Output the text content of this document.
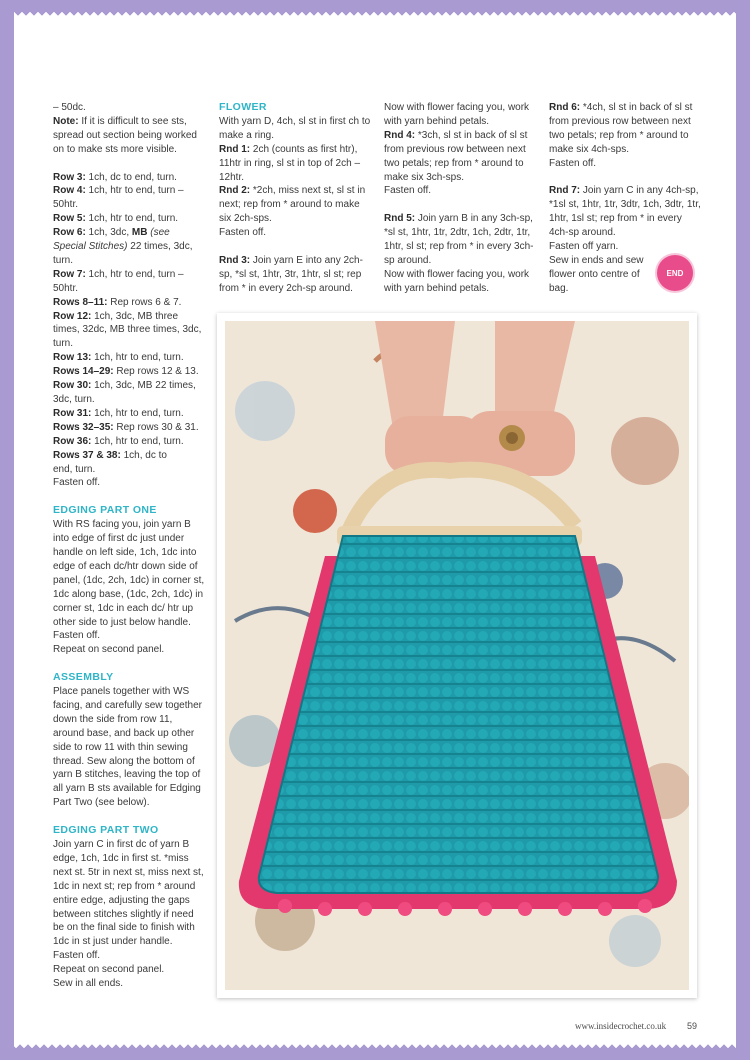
– 50dc.

Note: If it is difficult to see sts, spread out section being worked on to make sts more visible.

Row 3: 1ch, dc to end, turn.

Row 4: 1ch, htr to end, turn – 50htr.

Row 5: 1ch, htr to end, turn.

Row 6: 1ch, 3dc, MB (see Special Stitches) 22 times, 3dc, turn.

Row 7: 1ch, htr to end, turn – 50htr.

Rows 8–11: Rep rows 6 & 7.

Row 12: 1ch, 3dc, MB three times, 32dc, MB three times, 3dc, turn.

Row 13: 1ch, htr to end, turn.

Rows 14–29: Rep rows 12 & 13.

Row 30: 1ch, 3dc, MB 22 times, 3dc, turn.

Row 31: 1ch, htr to end, turn.

Rows 32–35: Rep rows 30 & 31.

Row 36: 1ch, htr to end, turn.

Rows 37 & 38: 1ch, dc to end, turn.

Fasten off.

EDGING PART ONE

With RS facing you, join yarn B into edge of first dc just under handle on left side, 1ch, 1dc into edge of each dc/htr down side of panel, (1dc, 2ch, 1dc) in corner st, 1dc along base, (1dc, 2ch, 1dc) in corner st, 1dc in each dc/ htr up other side to just below handle.

Fasten off.

Repeat on second panel.

ASSEMBLY

Place panels together with WS facing, and carefully sew together down the side from row 11, around base, and back up other side to row 11 with thin sewing thread. Sew along the bottom of yarn B stitches, leaving the top of all yarn B sts available for Edging Part Two (see below).

EDGING PART TWO

Join yarn C in first dc of yarn B edge, 1ch, 1dc in first st. *miss next st. 5tr in next st, miss next st, 1dc in next st; rep from * around entire edge, adjusting the gaps between stitches slightly if need be on the final side to finish with 1dc in st just under handle.

Fasten off.

Repeat on second panel.

Sew in all ends.

FLOWER

With yarn D, 4ch, sl st in first ch to make a ring.

Rnd 1: 2ch (counts as first htr), 11htr in ring, sl st in top of 2ch – 12htr.

Rnd 2: *2ch, miss next st, sl st in next; rep from * around to make six 2ch-sps.

Fasten off.

Rnd 3: Join yarn E into any 2ch-sp, *sl st, 1htr, 3tr, 1htr, sl st; rep from * in every 2ch-sp around.

Now with flower facing you, work with yarn behind petals.

Rnd 4: *3ch, sl st in back of sl st from previous row between next two petals; rep from * around to make six 3ch-sps.

Fasten off.

Rnd 5: Join yarn B in any 3ch-sp, *sl st, 1htr, 1tr, 2dtr, 1ch, 2dtr, 1tr, 1htr, sl st; rep from * in every 3ch-sp around.

Now with flower facing you, work with yarn behind petals.

Rnd 6: *4ch, sl st in back of sl st from previous row between next two petals; rep from * around to make six 4ch-sps.

Fasten off.

Rnd 7: Join yarn C in any 4ch-sp, *1sl st, 1htr, 1tr, 3dtr, 1ch, 3dtr, 1tr, 1htr, 1sl st; rep from * in every 4ch-sp around.

Fasten off yarn.

Sew in ends and sew flower onto centre of bag.

END
www.insidecrochet.co.uk 59
